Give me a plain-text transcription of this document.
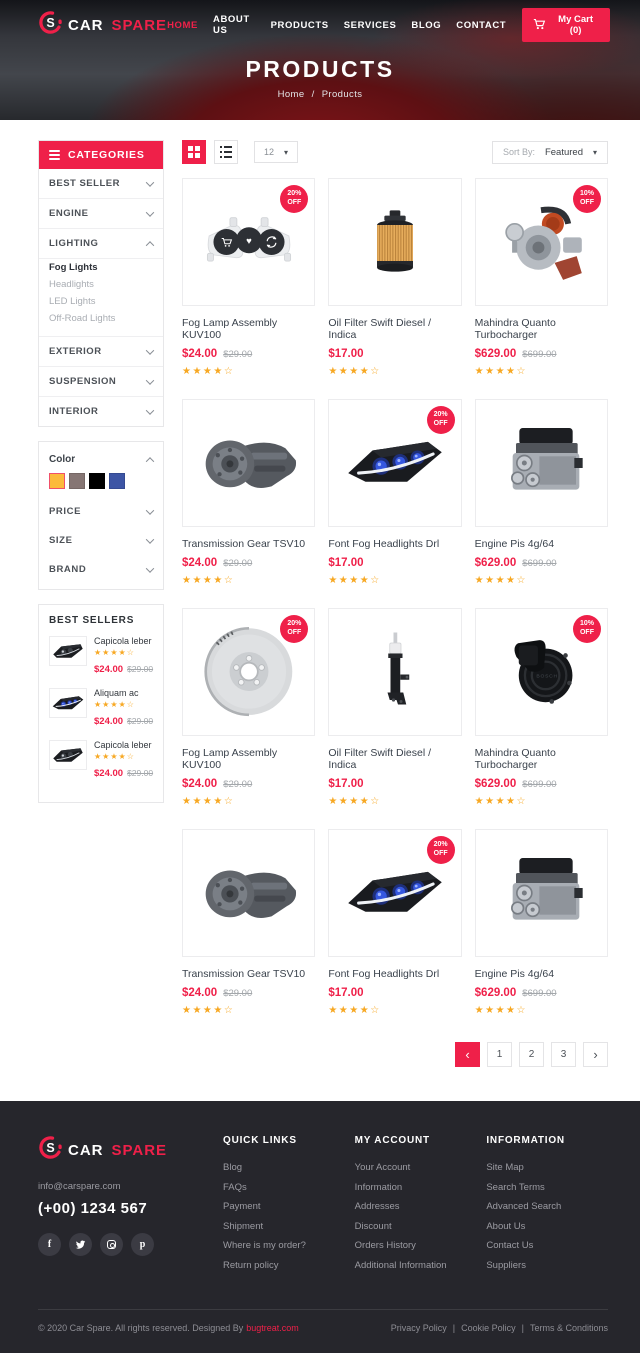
S CAR SPARE HOME ABOUT US	PRODUCTS SERVICES BLOG CONTACT	My Cart (0)
PRODUCTS
Home / Products
CATEGORIES
BEST SELLER
ENGINE
LIGHTING
Fog Lights
Headlights
LED Lights
Off-Road Lights
EXTERIOR
SUSPENSION
INTERIOR
Color
PRICE
SIZE
BRAND
BEST SELLERS
Capicola leber
★★★★☆
$24.00 $29.00
Aliquam ac
★★★★☆
$24.00 $29.00
Capicola leber
★★★★☆
$24.00 $29.00
12 ▾	Sort By: Featured ▾
20%
OFF
♥
Fog Lamp Assembly KUV100
$24.00 $29.00
★★★★☆
Oil Filter Swift Diesel / Indica
$17.00
★★★★☆
10%
OFF
Mahindra Quanto Turbocharger
$629.00 $699.00
★★★★☆
Transmission Gear TSV10
$24.00 $29.00
★★★★☆
20%
OFF
Font Fog Headlights Drl
$17.00
★★★★☆
Engine Pis 4g/64
$629.00 $699.00
★★★★☆
20%
OFF
Fog Lamp Assembly KUV100
$24.00 $29.00
★★★★☆
Oil Filter Swift Diesel / Indica
$17.00
★★★★☆
10%
OFF
BOSCH
Mahindra Quanto Turbocharger
$629.00 $699.00
★★★★☆
Transmission Gear TSV10
$24.00 $29.00
★★★★☆
20%
OFF
Font Fog Headlights Drl
$17.00
★★★★☆
Engine Pis 4g/64
$629.00 $699.00
★★★★☆
‹	1	2	3	›
S CAR SPARE
info@carspare.com
(+00) 1234 567
f	p
QUICK LINKS
Blog
FAQs
Payment
Shipment
Where is my order?
Return policy
MY ACCOUNT
Your Account
Information
Addresses
Discount
Orders History
Additional Information
INFORMATION
Site Map
Search Terms
Advanced Search
About Us
Contact Us
Suppliers
© 2020 Car Spare. All rights reserved. Designed By bugtreat.com	Privacy Policy | Cookie Policy | Terms & Conditions
